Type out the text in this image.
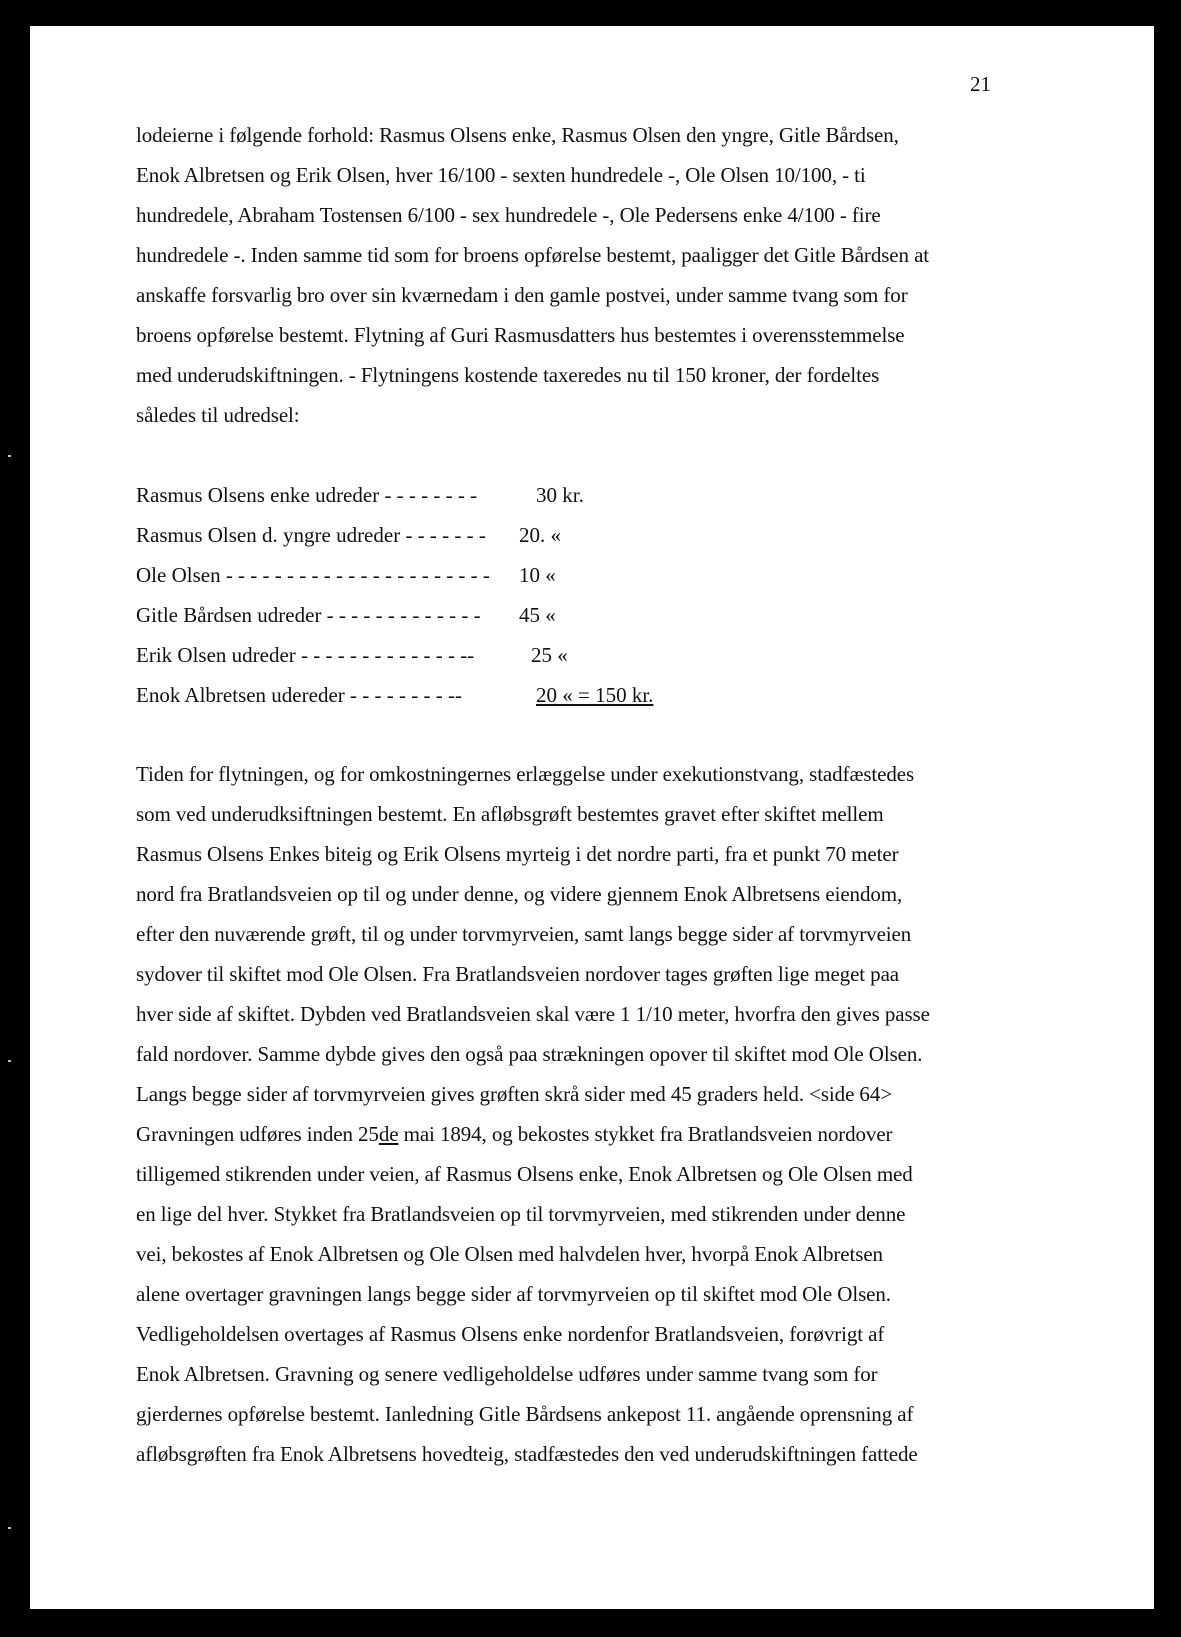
21
lodeierne i følgende forhold: Rasmus Olsens enke, Rasmus Olsen den yngre, Gitle Bårdsen,
Enok Albretsen og Erik Olsen, hver 16/100 - sexten hundredele -, Ole Olsen 10/100, - ti
hundredele, Abraham Tostensen 6/100 - sex hundredele -, Ole Pedersens enke 4/100 - fire
hundredele -. Inden samme tid som for broens opførelse bestemt, paaligger det Gitle Bårdsen at
anskaffe forsvarlig bro over sin kværnedam i den gamle postvei, under samme tvang som for
broens opførelse bestemt. Flytning af Guri Rasmusdatters hus bestemtes i overensstemmelse
med underudskiftningen. - Flytningens kostende taxeredes nu til 150 kroner, der fordeltes
således til udredsel:
Rasmus Olsens enke udreder - - - - - - - -	30 kr.
Rasmus Olsen d. yngre udreder - - - - - - - 20. «
Ole Olsen - - - - - - - - - - - - - - - - - - - - - - 10 «
Gitle Bårdsen udreder - - - - - - - - - - - - - 45 «
Erik Olsen udreder - - - - - - - - - - - - - --	25 «
Enok Albretsen udereder - - - - - - - - --	20 « = 150 kr.
Tiden for flytningen, og for omkostningernes erlæggelse under exekutionstvang, stadfæstedes
som ved underudksiftningen bestemt. En afløbsgrøft bestemtes gravet efter skiftet mellem
Rasmus Olsens Enkes biteig og Erik Olsens myrteig i det nordre parti, fra et punkt 70 meter
nord fra Bratlandsveien op til og under denne, og videre gjennem Enok Albretsens eiendom,
efter den nuværende grøft, til og under torvmyrveien, samt langs begge sider af torvmyrveien
sydover til skiftet mod Ole Olsen. Fra Bratlandsveien nordover tages grøften lige meget paa
hver side af skiftet. Dybden ved Bratlandsveien skal være 1 1/10 meter, hvorfra den gives passe
fald nordover. Samme dybde gives den også paa strækningen opover til skiftet mod Ole Olsen.
Langs begge sider af torvmyrveien gives grøften skrå sider med 45 graders held. <side 64>
Gravningen udføres inden 25de mai 1894, og bekostes stykket fra Bratlandsveien nordover
tilligemed stikrenden under veien, af Rasmus Olsens enke, Enok Albretsen og Ole Olsen med
en lige del hver. Stykket fra Bratlandsveien op til torvmyrveien, med stikrenden under denne
vei, bekostes af Enok Albretsen og Ole Olsen med halvdelen hver, hvorpå Enok Albretsen
alene overtager gravningen langs begge sider af torvmyrveien op til skiftet mod Ole Olsen.
Vedligeholdelsen overtages af Rasmus Olsens enke nordenfor Bratlandsveien, forøvrigt af
Enok Albretsen. Gravning og senere vedligeholdelse udføres under samme tvang som for
gjerdernes opførelse bestemt. Ianledning Gitle Bårdsens ankepost 11. angående oprensning af
afløbsgrøften fra Enok Albretsens hovedteig, stadfæstedes den ved underudskiftningen fattede
